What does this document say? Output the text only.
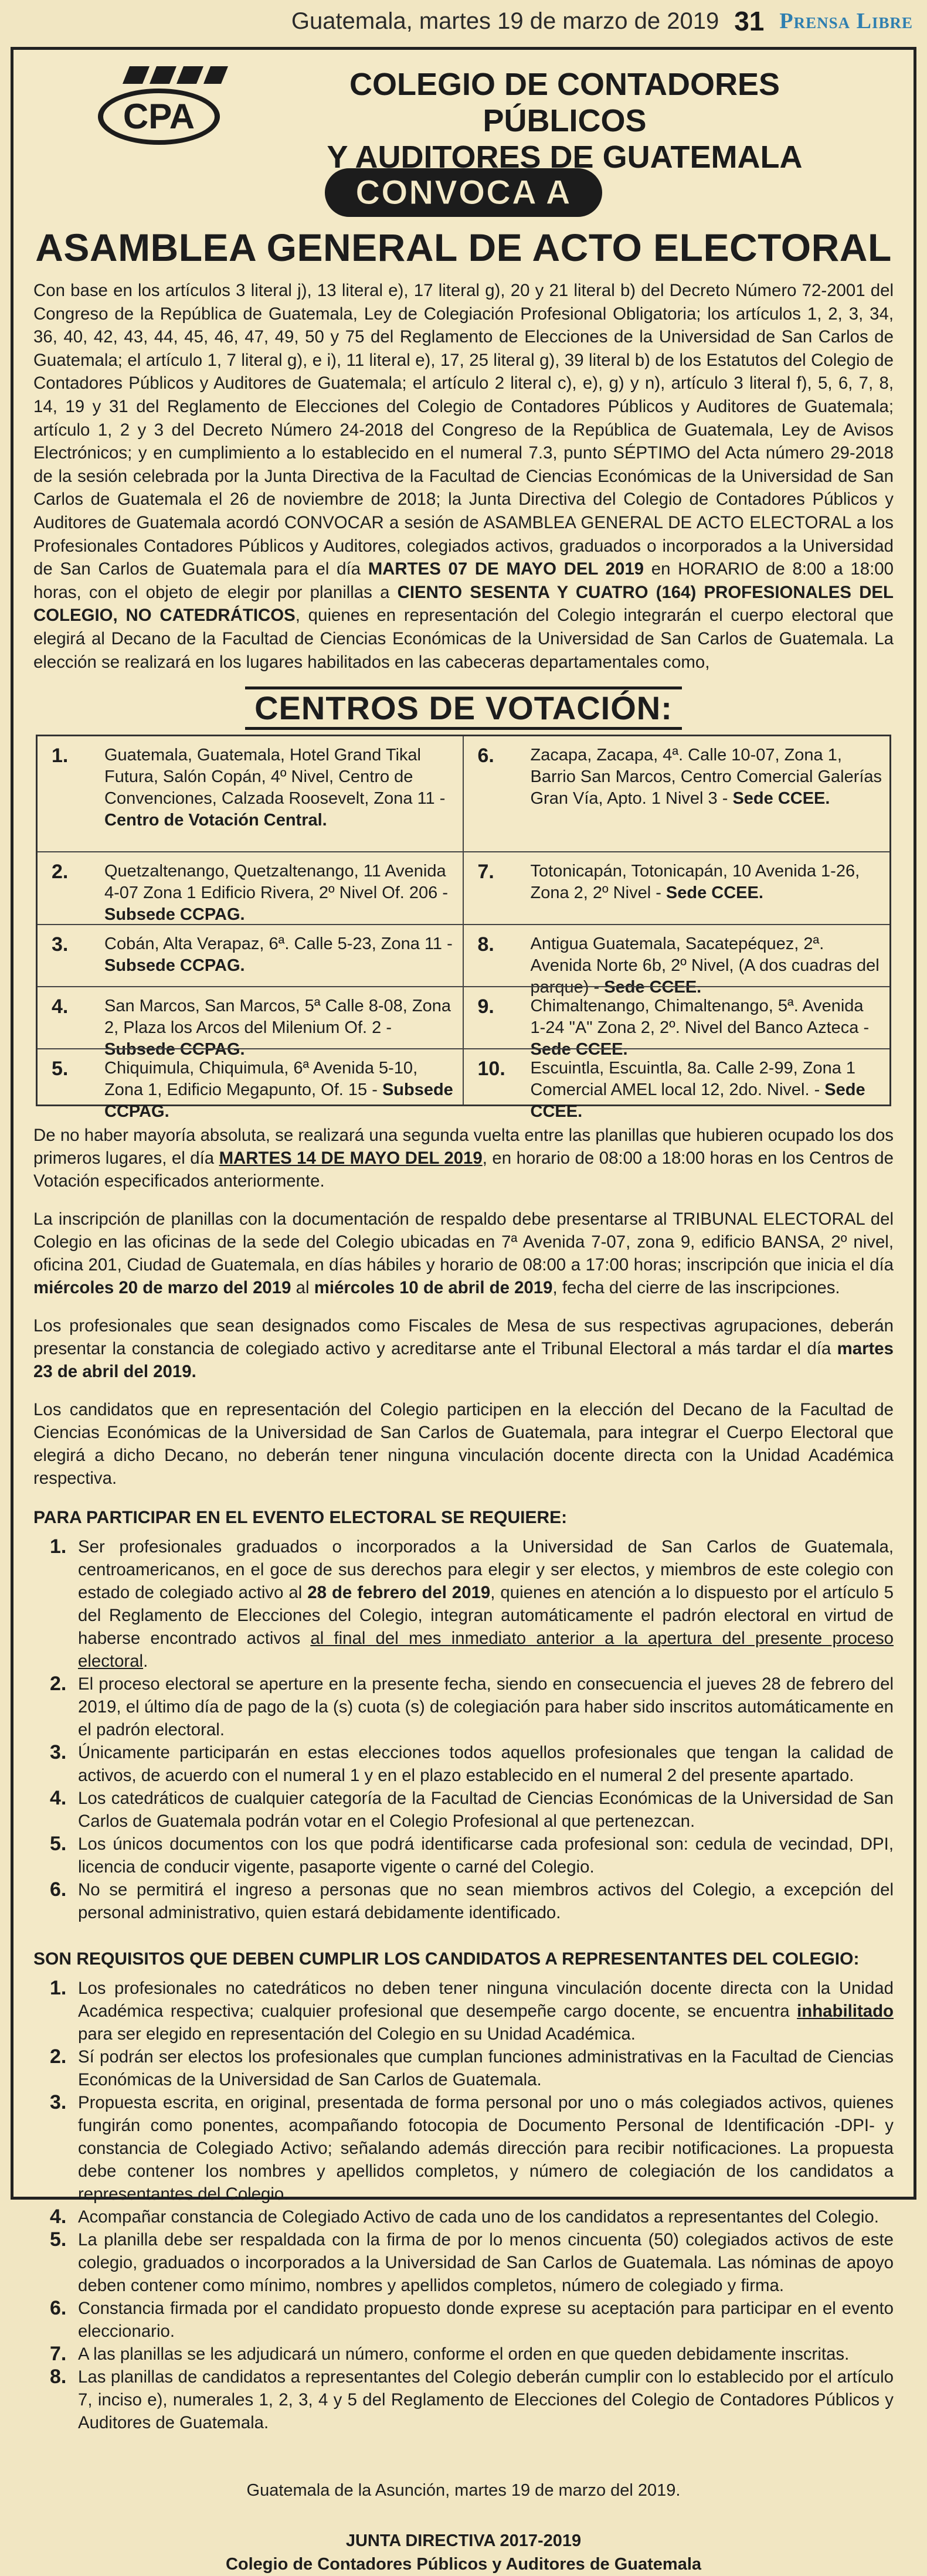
Guatemala, martes 19 de marzo de 2019 31 Prensa Libre
CPA
COLEGIO DE CONTADORES PÚBLICOS
Y AUDITORES DE GUATEMALA
CONVOCA A
ASAMBLEA GENERAL DE ACTO ELECTORAL
Con base en los artículos 3 literal j), 13 literal e), 17 literal g), 20 y 21 literal b) del Decreto Número 72-2001 del Congreso de la República de Guatemala, Ley de Colegiación Profesional Obligatoria; los artículos 1, 2, 3, 34, 36, 40, 42, 43, 44, 45, 46, 47, 49, 50 y 75 del Reglamento de Elecciones de la Universidad de San Carlos de Guatemala; el artículo 1, 7 literal g), e i), 11 literal e), 17, 25 literal g), 39 literal b) de los Estatutos del Colegio de Contadores Públicos y Auditores de Guatemala; el artículo 2 literal c), e), g) y n), artículo 3 literal f), 5, 6, 7, 8, 14, 19 y 31 del Reglamento de Elecciones del Colegio de Contadores Públicos y Auditores de Guatemala; artículo 1, 2 y 3 del Decreto Número 24-2018 del Congreso de la República de Guatemala, Ley de Avisos Electrónicos; y en cumplimiento a lo establecido en el numeral 7.3, punto SÉPTIMO del Acta número 29-2018 de la sesión celebrada por la Junta Directiva de la Facultad de Ciencias Económicas de la Universidad de San Carlos de Guatemala el 26 de noviembre de 2018; la Junta Directiva del Colegio de Contadores Públicos y Auditores de Guatemala acordó CONVOCAR a sesión de ASAMBLEA GENERAL DE ACTO ELECTORAL a los Profesionales Contadores Públicos y Auditores, colegiados activos, graduados o incorporados a la Universidad de San Carlos de Guatemala para el día MARTES 07 DE MAYO DEL 2019 en HORARIO de 8:00 a 18:00 horas, con el objeto de elegir por planillas a CIENTO SESENTA Y CUATRO (164) PROFESIONALES DEL COLEGIO, NO CATEDRÁTICOS, quienes en representación del Colegio integrarán el cuerpo electoral que elegirá al Decano de la Facultad de Ciencias Económicas de la Universidad de San Carlos de Guatemala. La elección se realizará en los lugares habilitados en las cabeceras departamentales como,
CENTROS DE VOTACIÓN:
1.	Guatemala, Guatemala, Hotel Grand Tikal Futura, Salón Copán, 4º Nivel, Centro de Convenciones, Calzada Roosevelt, Zona 11 - Centro de Votación Central.
6.	Zacapa, Zacapa, 4ª. Calle 10-07, Zona 1, Barrio San Marcos, Centro Comercial Galerías Gran Vía, Apto. 1 Nivel 3 - Sede CCEE.
2.	Quetzaltenango, Quetzaltenango, 11 Avenida 4-07 Zona 1 Edificio Rivera, 2º Nivel Of. 206 - Subsede CCPAG.
7.	Totonicapán, Totonicapán, 10 Avenida 1-26, Zona 2, 2º Nivel - Sede CCEE.
3.	Cobán, Alta Verapaz, 6ª. Calle 5-23, Zona 11 - Subsede CCPAG.
8.	Antigua Guatemala, Sacatepéquez, 2ª. Avenida Norte 6b, 2º Nivel, (A dos cuadras del parque) - Sede CCEE.
4.	San Marcos, San Marcos, 5ª Calle 8-08, Zona 2, Plaza los Arcos del Milenium Of. 2 - Subsede CCPAG.
9.	Chimaltenango, Chimaltenango, 5ª. Avenida 1-24 "A" Zona 2, 2º. Nivel del Banco Azteca - Sede CCEE.
5.	Chiquimula, Chiquimula, 6ª Avenida 5-10, Zona 1, Edificio Megapunto, Of. 15 - Subsede CCPAG.
10.	Escuintla, Escuintla, 8a. Calle 2-99, Zona 1 Comercial AMEL local 12, 2do. Nivel. - Sede CCEE.
De no haber mayoría absoluta, se realizará una segunda vuelta entre las planillas que hubieren ocupado los dos primeros lugares, el día MARTES 14 DE MAYO DEL 2019, en horario de 08:00 a 18:00 horas en los Centros de Votación especificados anteriormente.
La inscripción de planillas con la documentación de respaldo debe presentarse al TRIBUNAL ELECTORAL del Colegio en las oficinas de la sede del Colegio ubicadas en 7ª Avenida 7-07, zona 9, edificio BANSA, 2º nivel, oficina 201, Ciudad de Guatemala, en días hábiles y horario de 08:00 a 17:00 horas; inscripción que inicia el día miércoles 20 de marzo del 2019 al miércoles 10 de abril de 2019, fecha del cierre de las inscripciones.
Los profesionales que sean designados como Fiscales de Mesa de sus respectivas agrupaciones, deberán presentar la constancia de colegiado activo y acreditarse ante el Tribunal Electoral a más tardar el día martes 23 de abril del 2019.
Los candidatos que en representación del Colegio participen en la elección del Decano de la Facultad de Ciencias Económicas de la Universidad de San Carlos de Guatemala, para integrar el Cuerpo Electoral que elegirá a dicho Decano, no deberán tener ninguna vinculación docente directa con la Unidad Académica respectiva.
PARA PARTICIPAR EN EL EVENTO ELECTORAL SE REQUIERE:
1. Ser profesionales graduados o incorporados a la Universidad de San Carlos de Guatemala, centroamericanos, en el goce de sus derechos para elegir y ser electos, y miembros de este colegio con estado de colegiado activo al 28 de febrero del 2019, quienes en atención a lo dispuesto por el artículo 5 del Reglamento de Elecciones del Colegio, integran automáticamente el padrón electoral en virtud de haberse encontrado activos al final del mes inmediato anterior a la apertura del presente proceso electoral.
2. El proceso electoral se aperture en la presente fecha, siendo en consecuencia el jueves 28 de febrero del 2019, el último día de pago de la (s) cuota (s) de colegiación para haber sido inscritos automáticamente en el padrón electoral.
3. Únicamente participarán en estas elecciones todos aquellos profesionales que tengan la calidad de activos, de acuerdo con el numeral 1 y en el plazo establecido en el numeral 2 del presente apartado.
4. Los catedráticos de cualquier categoría de la Facultad de Ciencias Económicas de la Universidad de San Carlos de Guatemala podrán votar en el Colegio Profesional al que pertenezcan.
5. Los únicos documentos con los que podrá identificarse cada profesional son: cedula de vecindad, DPI, licencia de conducir vigente, pasaporte vigente o carné del Colegio.
6. No se permitirá el ingreso a personas que no sean miembros activos del Colegio, a excepción del personal administrativo, quien estará debidamente identificado.
SON REQUISITOS QUE DEBEN CUMPLIR LOS CANDIDATOS A REPRESENTANTES DEL COLEGIO:
1. Los profesionales no catedráticos no deben tener ninguna vinculación docente directa con la Unidad Académica respectiva; cualquier profesional que desempeñe cargo docente, se encuentra inhabilitado para ser elegido en representación del Colegio en su Unidad Académica.
2. Sí podrán ser electos los profesionales que cumplan funciones administrativas en la Facultad de Ciencias Económicas de la Universidad de San Carlos de Guatemala.
3. Propuesta escrita, en original, presentada de forma personal por uno o más colegiados activos, quienes fungirán como ponentes, acompañando fotocopia de Documento Personal de Identificación -DPI- y constancia de Colegiado Activo; señalando además dirección para recibir notificaciones. La propuesta debe contener los nombres y apellidos completos, y número de colegiación de los candidatos a representantes del Colegio.
4. Acompañar constancia de Colegiado Activo de cada uno de los candidatos a representantes del Colegio.
5. La planilla debe ser respaldada con la firma de por lo menos cincuenta (50) colegiados activos de este colegio, graduados o incorporados a la Universidad de San Carlos de Guatemala. Las nóminas de apoyo deben contener como mínimo, nombres y apellidos completos, número de colegiado y firma.
6. Constancia firmada por el candidato propuesto donde exprese su aceptación para participar en el evento eleccionario.
7. A las planillas se les adjudicará un número, conforme el orden en que queden debidamente inscritas.
8. Las planillas de candidatos a representantes del Colegio deberán cumplir con lo establecido por el artículo 7, inciso e), numerales 1, 2, 3, 4 y 5 del Reglamento de Elecciones del Colegio de Contadores Públicos y Auditores de Guatemala.
Guatemala de la Asunción, martes 19 de marzo del 2019.
JUNTA DIRECTIVA 2017-2019
Colegio de Contadores Públicos y Auditores de Guatemala
